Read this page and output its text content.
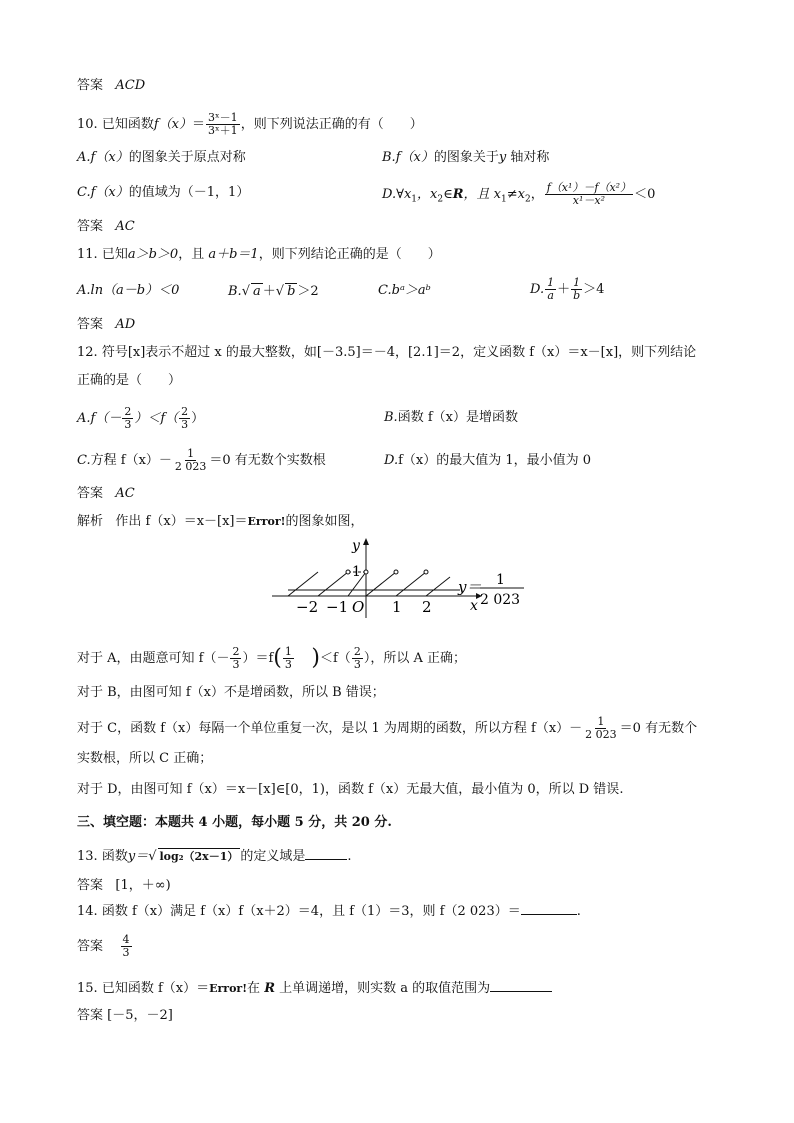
答案 ACD
10. 已知函数$f(x)= \frac{\text{3ˣ－1}}{\text{3ˣ＋1}}$ ，则下列说法正确的有（　　）
A.f（x）的图象关于原点对称	B.f（x）的图象关于y 轴对称
C.f（x）的值域为（－1，1）	$D.\forall x_1$，$x_2\in R$，且 $x_1\ne x_2$， $\frac{\text{f（x¹）－f（x²）}}{\text{x¹－x²}} <0$
答案 AC
11. 已知a＞b＞0，且 a＋b＝1，则下列结论正确的是（　　）
A.ln（a－b）＜0	B.√ a ＋√ b ＞2	C.bᵃ＞aᵇ	D. $\frac{1}{a} + \frac{1}{b} >4$
答案 AD
12. 符号[x]表示不超过 x 的最大整数，如[－3.5]＝－4，[2.1]＝2，定义函数 f（x）＝x－[x]，则下列结论
正确的是（　　）
$A.f(- \frac{2}{3} )<f( \frac{2}{3}$ ）	B.函数 f（x）是增函数
C.方程 $f(x)- \frac{1}{2 023} =0$ 有无数个实数根	D.f（x）的最大值为 1，最小值为 0
答案 AC
解析 作出 f（x）＝x－[x]＝Error!的图象如图，
y
1
−2 −1 O 1 2	x
y＝ 1
2 023
对于 A，由题意可知 $f(- \frac{2}{3} )=f( \frac{1}{3} )<f( \frac{2}{3}$ ），所以 A 正确；
对于 B，由图可知 f（x）不是增函数，所以 B 错误；
对于 C，函数 f（x）每隔一个单位重复一次，是以 1 为周期的函数，所以方程 $f(x)- \frac{1}{2 023} =0$ 有无数个
实数根，所以 C 正确；
对于 D，由图可知 f（x）＝x－[x]∈[0，1)，函数 f（x）无最大值，最小值为 0，所以 D 错误.
三、填空题：本题共 4 小题，每小题 5 分，共 20 分.
13. 函数y＝√ log₂（2x－1） 的定义域是	.
答案 [1，＋∞)
14. 函数 f（x）满足 f（x）f（x＋2）＝4，且 f（1）＝3，则 f（2 023）＝	.
答案 $\frac{4}{3}$
15. 已知函数 f（x）＝Error!在 R 上单调递增，则实数 a 的取值范围为
答案 [－5，－2]
